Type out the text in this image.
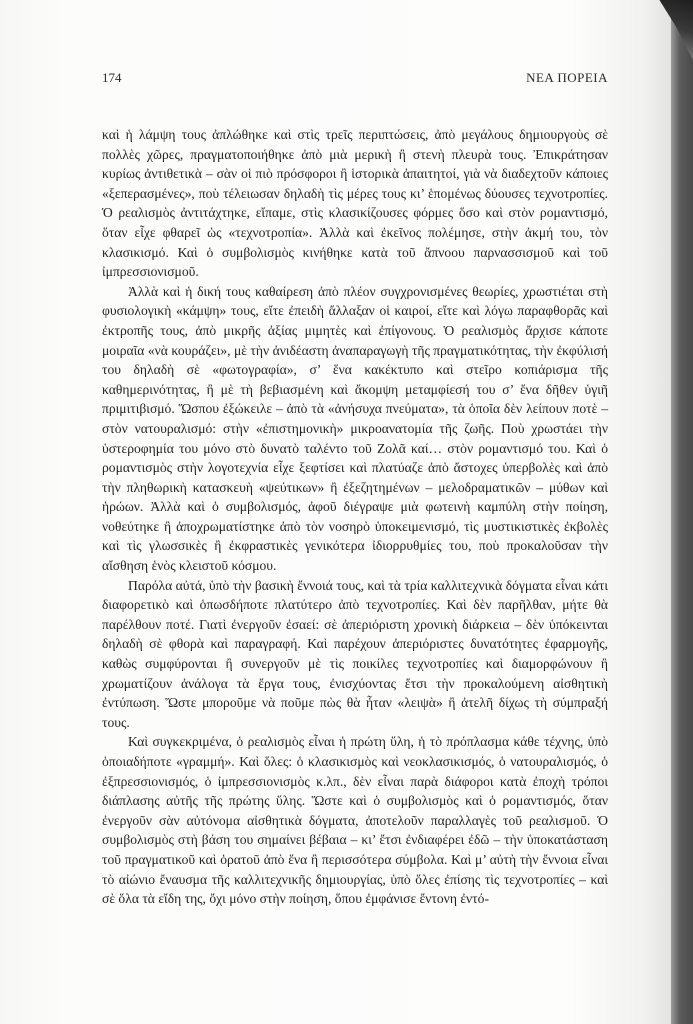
174	ΝΕΑ ΠΟΡΕΙΑ

καὶ ἡ λάμψη τους ἀπλώθηκε καὶ στὶς τρεῖς περιπτώσεις, ἀπὸ μεγάλους δημιουργοὺς σὲ πολλὲς χῶρες, πραγματοποιήθηκε ἀπὸ μιὰ μερικὴ ἢ στενὴ πλευρὰ τους. Ἐπικράτησαν κυρίως ἀντιθετικὰ – σὰν οἱ πιὸ πρόσφοροι ἢ ἱστορικὰ ἀπαιτητοί, γιὰ νὰ διαδεχτοῦν κάποιες «ξεπερασμένες», ποὺ τέλειωσαν δηλαδὴ τὶς μέρες τους κι’ ἑπομένως δύουσες τεχνοτροπίες. Ὁ ρεαλισμὸς ἀντιτάχτηκε, εἴπαμε, στὶς κλασικίζουσες φόρμες ὅσο καὶ στὸν ρομαντισμό, ὅταν εἶχε φθαρεῖ ὡς «τεχνοτροπία». Ἀλλὰ καὶ ἐκεῖνος πολέμησε, στὴν ἀκμή του, τὸν κλασικισμό. Καὶ ὁ συμβολισμὸς κινήθηκε κατὰ τοῦ ἄπνοου παρνασσισμοῦ καὶ τοῦ ἰμπρεσσιονισμοῦ.

Ἀλλὰ καὶ ἡ δική τους καθαίρεση ἀπὸ πλέον συγχρονισμένες θεωρίες, χρωστιέται στὴ φυσιολογικὴ «κάμψη» τους, εἴτε ἐπειδὴ ἄλλαξαν οἱ καιροί, εἴτε καὶ λόγω παραφθορᾶς καὶ ἐκτροπῆς τους, ἀπὸ μικρῆς ἀξίας μιμητὲς καὶ ἐπίγονους. Ὁ ρεαλισμὸς ἄρχισε κάποτε μοιραῖα «νὰ κουράζει», μὲ τὴν ἀνιδέαστη ἀναπαραγωγὴ τῆς πραγματικότητας, τὴν ἐκφύλισή του δηλαδὴ σὲ «φωτογραφία», σ’ ἕνα κακέκτυπο καὶ στεῖρο κοπιάρισμα τῆς καθημερινότητας, ἢ μὲ τὴ βεβιασμένη καὶ ἄκομψη μεταμφίεσή του σ’ ἕνα δῆθεν ὑγιῆ πριμιτιβισμό. Ὥσπου ἐξώκειλε – ἀπὸ τὰ «ἀνήσυχα πνεύματα», τὰ ὁποῖα δὲν λείπουν ποτὲ – στὸν νατουραλισμό: στὴν «ἐπιστημονικὴ» μικροανατομία τῆς ζωῆς. Ποὺ χρωστάει τὴν ὑστεροφημία του μόνο στὸ δυνατὸ ταλέντο τοῦ Ζολᾶ καί… στὸν ρομαντισμό του. Καὶ ὁ ρομαντισμὸς στὴν λογοτεχνία εἶχε ξεφτίσει καὶ πλατύαζε ἀπὸ ἄστοχες ὑπερβολὲς καὶ ἀπὸ τὴν πληθωρικὴ κατασκευὴ «ψεύτικων» ἢ ἐξεζητημένων – μελοδραματικῶν – μύθων καὶ ἡρώων. Ἀλλὰ καὶ ὁ συμβολισμός, ἀφοῦ διέγραψε μιὰ φωτεινὴ καμπύλη στὴν ποίηση, νοθεύτηκε ἢ ἀποχρωματίστηκε ἀπὸ τὸν νοσηρὸ ὑποκειμενισμό, τὶς μυστικιστικὲς ἐκβολὲς καὶ τὶς γλωσσικὲς ἢ ἐκφραστικὲς γενικότερα ἰδιορρυθμίες του, ποὺ προκαλοῦσαν τὴν αἴσθηση ἑνὸς κλειστοῦ κόσμου.

Παρόλα αὐτά, ὑπὸ τὴν βασικὴ ἔννοιά τους, καὶ τὰ τρία καλλιτεχνικὰ δόγματα εἶναι κάτι διαφορετικὸ καὶ ὁπωσδήποτε πλατύτερο ἀπὸ τεχνοτροπίες. Καὶ δὲν παρῆλθαν, μήτε θὰ παρέλθουν ποτέ. Γιατὶ ἐνεργοῦν ἐσαεί: σὲ ἀπεριόριστη χρονικὴ διάρκεια – δὲν ὑπόκεινται δηλαδὴ σὲ φθορὰ καὶ παραγραφή. Καὶ παρέχουν ἀπεριόριστες δυνατότητες ἐφαρμογῆς, καθὼς συμφύρονται ἢ συνεργοῦν μὲ τὶς ποικίλες τεχνοτροπίες καὶ διαμορφώνουν ἢ χρωματίζουν ἀνάλογα τὰ ἔργα τους, ἐνισχύοντας ἔτσι τὴν προκαλούμενη αἰσθητικὴ ἐντύπωση. Ὥστε μποροῦμε νὰ ποῦμε πὼς θὰ ἦταν «λειψὰ» ἢ ἀτελῆ δίχως τὴ σύμπραξή τους.

Καὶ συγκεκριμένα, ὁ ρεαλισμὸς εἶναι ἡ πρώτη ὕλη, ἡ τὸ πρόπλασμα κάθε τέχνης, ὑπὸ ὁποιαδήποτε «γραμμή». Καὶ ὅλες: ὁ κλασικισμὸς καὶ νεοκλασικισμός, ὁ νατουραλισμός, ὁ ἐξπρεσσιονισμός, ὁ ἰμπρεσσιονισμὸς κ.λπ., δὲν εἶναι παρὰ διάφοροι κατὰ ἐποχὴ τρόποι διάπλασης αὐτῆς τῆς πρώτης ὕλης. Ὥστε καὶ ὁ συμβολισμὸς καὶ ὁ ρομαντισμός, ὅταν ἐνεργοῦν σὰν αὐτόνομα αἰσθητικὰ δόγματα, ἀποτελοῦν παραλλαγὲς τοῦ ρεαλισμοῦ. Ὁ συμβολισμὸς στὴ βάση του σημαίνει βέβαια – κι’ ἔτσι ἐνδιαφέρει ἐδῶ – τὴν ὑποκατάσταση τοῦ πραγματικοῦ καὶ ὁρατοῦ ἀπὸ ἕνα ἢ περισσότερα σύμβολα. Καὶ μ’ αὐτὴ τὴν ἔννοια εἶναι τὸ αἰώνιο ἔναυσμα τῆς καλλιτεχνικῆς δημιουργίας, ὑπὸ ὅλες ἐπίσης τὶς τεχνοτροπίες – καὶ σὲ ὅλα τὰ εἴδη της, ὄχι μόνο στὴν ποίηση, ὅπου ἐμφάνισε ἔντονη ἐντό-
